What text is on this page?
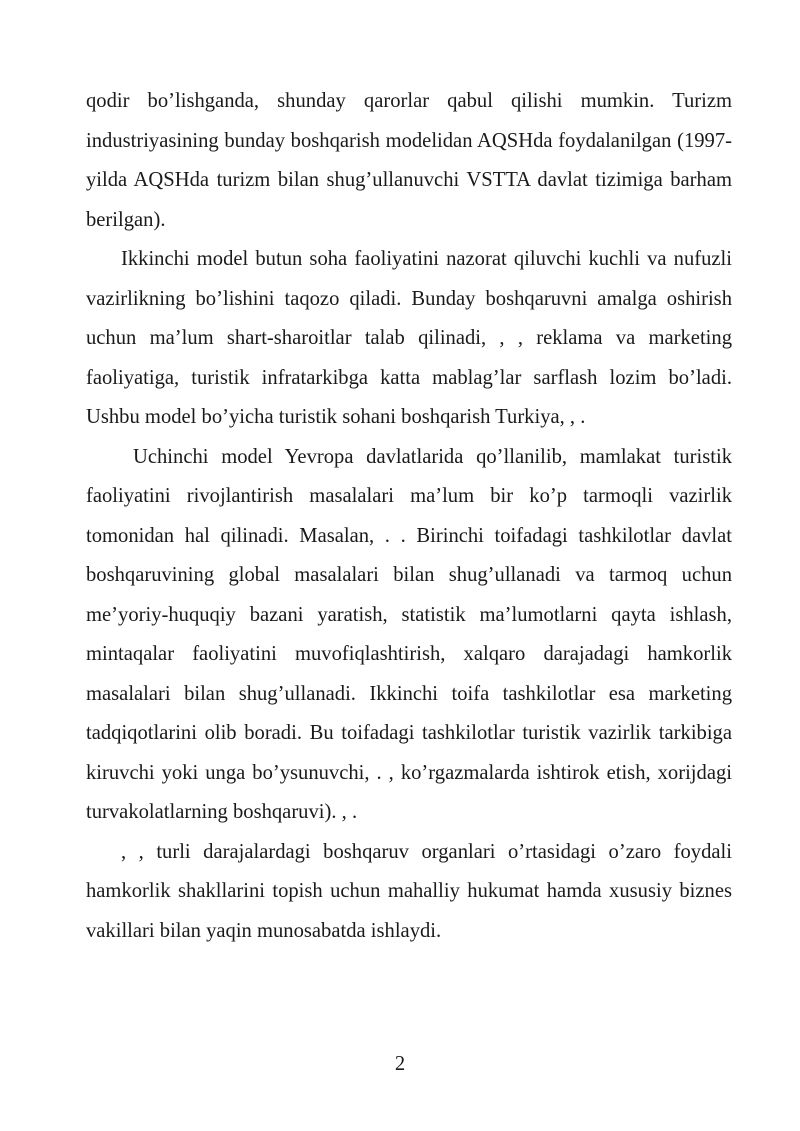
qodir bo’lishganda, shunday qarorlar qabul qilishi mumkin. Turizm industriyasining bunday boshqarish modelidan AQSHda foydalanilgan (1997-yilda AQSHda turizm bilan shug’ullanuvchi VSTTA davlat tizimiga barham berilgan).

Ikkinchi model butun soha faoliyatini nazorat qiluvchi kuchli va nufuzli vazirlikning bo’lishini taqozo qiladi. Bunday boshqaruvni amalga oshirish uchun ma’lum shart-sharoitlar talab qilinadi, , , reklama va marketing faoliyatiga, turistik infratarkibga katta mablag’lar sarflash lozim bo’ladi. Ushbu model bo’yicha turistik sohani boshqarish Turkiya, , .

Uchinchi model Yevropa davlatlarida qo’llanilib, mamlakat turistik faoliyatini rivojlantirish masalalari ma’lum bir ko’p tarmoqli vazirlik tomonidan hal qilinadi. Masalan, . . Birinchi toifadagi tashkilotlar davlat boshqaruvining global masalalari bilan shug’ullanadi va tarmoq uchun me’yoriy-huquqiy bazani yaratish, statistik ma’lumotlarni qayta ishlash, mintaqalar faoliyatini muvofiqlashtirish, xalqaro darajadagi hamkorlik masalalari bilan shug’ullanadi. Ikkinchi toifa tashkilotlar esa marketing tadqiqotlarini olib boradi. Bu toifadagi tashkilotlar turistik vazirlik tarkibiga kiruvchi yoki unga bo’ysunuvchi, . , ko’rgazmalarda ishtirok etish, xorijdagi turvakolatlarning boshqaruvi). , .

, , turli darajalardagi boshqaruv organlari o’rtasidagi o’zaro foydali hamkorlik shakllarini topish uchun mahalliy hukumat hamda xususiy biznes vakillari bilan yaqin munosabatda ishlaydi.

2
